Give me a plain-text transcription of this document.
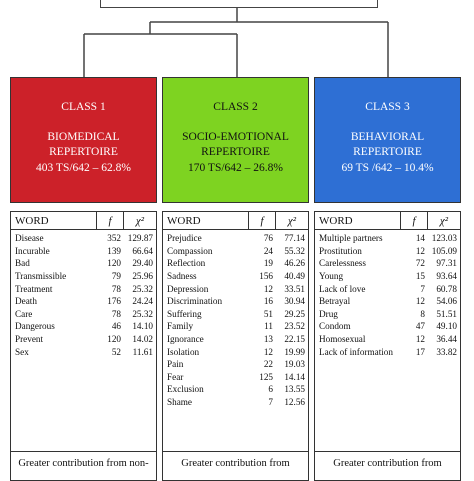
CLASS 1
BIOMEDICAL
REPERTOIRE
403 TS/642 – 62.8%
WORD	f	χ²
Disease	352 129.87
Incurable	139	66.64
Bad	120	29.40
Transmissible	79	25.96
Treatment	78	25.32
Death	176	24.24
Care	78	25.32
Dangerous	46	14.10
Prevent	120	14.02
Sex	52	11.61
Greater contribution from non-
CLASS 2
SOCIO-EMOTIONAL
REPERTOIRE
170 TS/642 – 26.8%
WORD	f	χ²
Prejudice	76	77.14
Compassion	24	55.32
Reflection	19	46.26
Sadness	156	40.49
Depression	12	33.51
Discrimination	16	30.94
Suffering	51	29.25
Family	11	23.52
Ignorance	13	22.15
Isolation	12	19.99
Pain	22	19.03
Fear	125	14.14
Exclusion	6	13.55
Shame	7	12.56
Greater contribution from
CLASS 3
BEHAVIORAL
REPERTOIRE
69 TS /642 – 10.4%
WORD	f	χ²
Multiple partners	14 123.03
Prostitution	12 105.09
Carelessness	72	97.31
Young	15	93.64
Lack of love	7	60.78
Betrayal	12	54.06
Drug	8	51.51
Condom	47	49.10
Homosexual	12	36.44
Lack of information	17	33.82
Greater contribution from
